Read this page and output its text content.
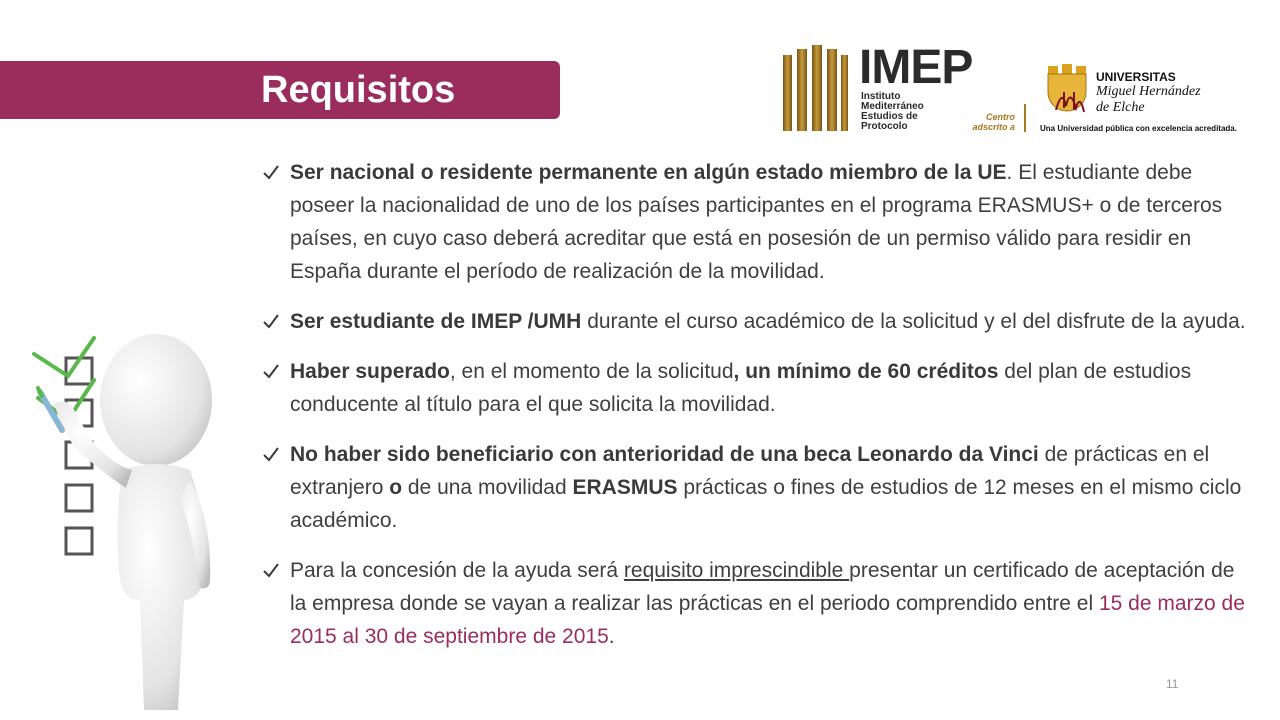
Requisitos	IMEP
Instituto
Mediterráneo
Estudios de
Protocolo
Centro adscrito a
UNIVERSITAS
Miguel Hernández
de Elche
Una Universidad pública con excelencia acreditada.
Ser nacional o residente permanente en algún estado miembro de la UE. El estudiante debe poseer la nacionalidad de uno de los países participantes en el programa ERASMUS+ o de terceros países, en cuyo caso deberá acreditar que está en posesión de un permiso válido para residir en España durante el período de realización de la movilidad.
Ser estudiante de IMEP /UMH durante el curso académico de la solicitud y el del disfrute de la ayuda.
Haber superado, en el momento de la solicitud, un mínimo de 60 créditos del plan de estudios conducente al título para el que solicita la movilidad.
No haber sido beneficiario con anterioridad de una beca Leonardo da Vinci de prácticas en el extranjero o de una movilidad ERASMUS prácticas o fines de estudios de 12 meses en el mismo ciclo académico.
Para la concesión de la ayuda será requisito imprescindible presentar un certificado de aceptación de la empresa donde se vayan a realizar las prácticas en el periodo comprendido entre el 15 de marzo de 2015 al 30 de septiembre de 2015.
11
